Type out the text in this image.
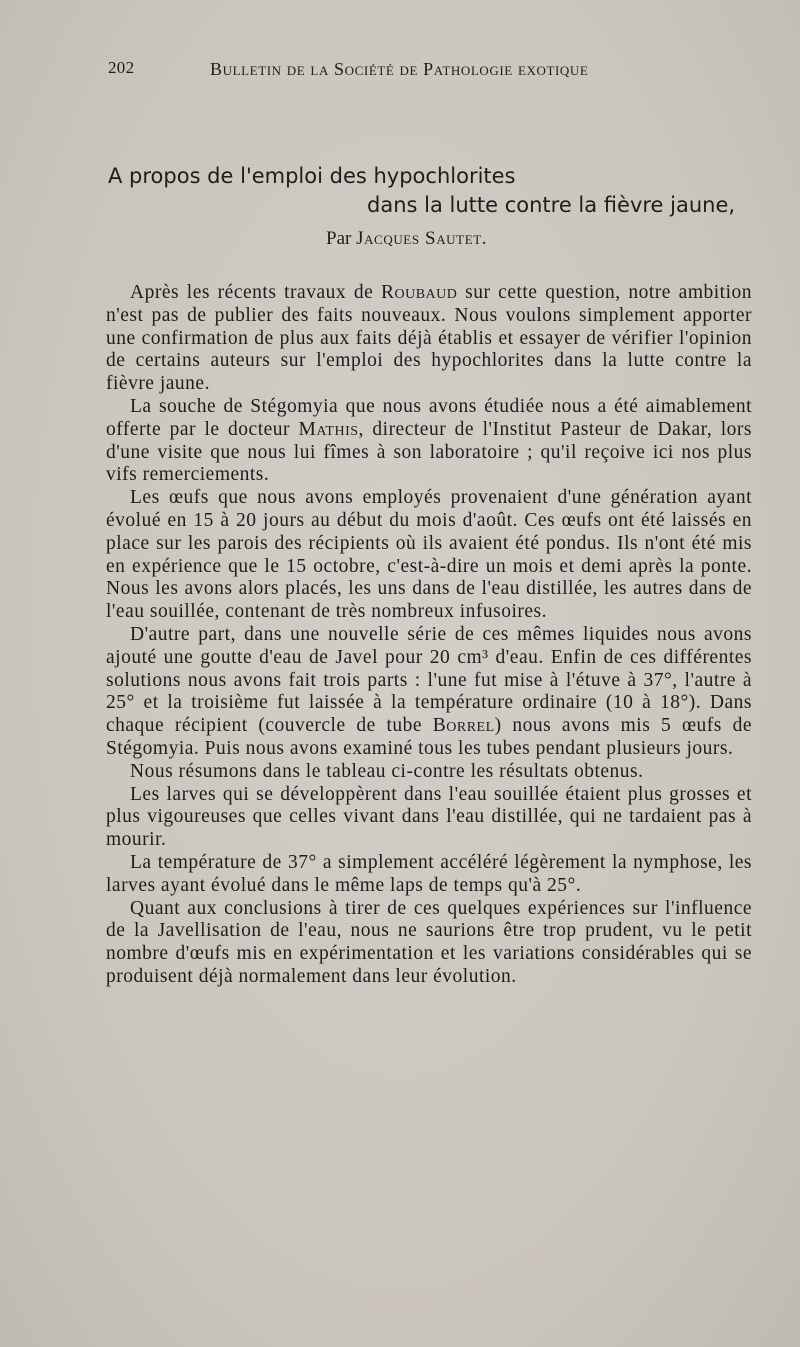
202	Bulletin de la Société de Pathologie exotique
A propos de l'emploi des hypochlorites
dans la lutte contre la fièvre jaune,
Par Jacques Sautet.

Après les récents travaux de Roubaud sur cette question, notre ambition n'est pas de publier des faits nouveaux. Nous voulons simplement apporter une confirmation de plus aux faits déjà établis et essayer de vérifier l'opinion de certains auteurs sur l'emploi des hypochlorites dans la lutte contre la fièvre jaune.

La souche de Stégomyia que nous avons étudiée nous a été aimablement offerte par le docteur Mathis, directeur de l'Institut Pasteur de Dakar, lors d'une visite que nous lui fîmes à son laboratoire ; qu'il reçoive ici nos plus vifs remerciements.

Les œufs que nous avons employés provenaient d'une génération ayant évolué en 15 à 20 jours au début du mois d'août. Ces œufs ont été laissés en place sur les parois des récipients où ils avaient été pondus. Ils n'ont été mis en expérience que le 15 octobre, c'est-à-dire un mois et demi après la ponte. Nous les avons alors placés, les uns dans de l'eau distillée, les autres dans de l'eau souillée, contenant de très nombreux infusoires.

D'autre part, dans une nouvelle série de ces mêmes liquides nous avons ajouté une goutte d'eau de Javel pour 20 cm³ d'eau. Enfin de ces différentes solutions nous avons fait trois parts : l'une fut mise à l'étuve à 37°, l'autre à 25° et la troisième fut laissée à la température ordinaire (10 à 18°). Dans chaque récipient (couvercle de tube Borrel) nous avons mis 5 œufs de Stégomyia. Puis nous avons examiné tous les tubes pendant plusieurs jours.

Nous résumons dans le tableau ci-contre les résultats obtenus.

Les larves qui se développèrent dans l'eau souillée étaient plus grosses et plus vigoureuses que celles vivant dans l'eau distillée, qui ne tardaient pas à mourir.

La température de 37° a simplement accéléré légèrement la nymphose, les larves ayant évolué dans le même laps de temps qu'à 25°.

Quant aux conclusions à tirer de ces quelques expériences sur l'influence de la Javellisation de l'eau, nous ne saurions être trop prudent, vu le petit nombre d'œufs mis en expérimentation et les variations considérables qui se produisent déjà normalement dans leur évolution.
